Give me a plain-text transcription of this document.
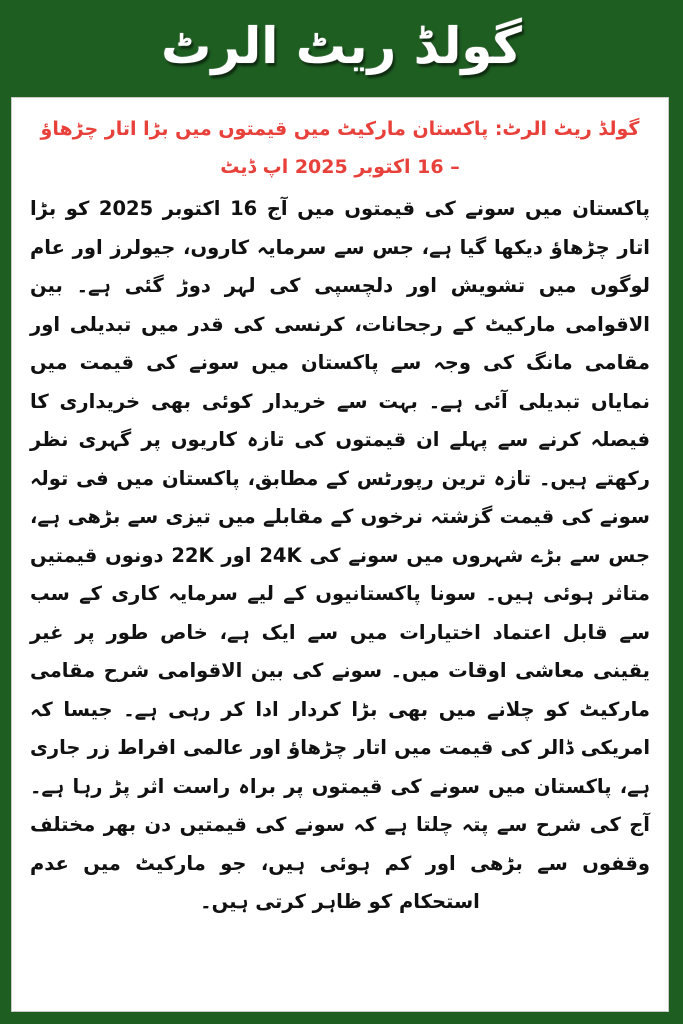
گولڈ ریٹ الرٹ
گولڈ ریٹ الرٹ: پاکستان مارکیٹ میں قیمتوں میں بڑا اتار چڑھاؤ – 16 اکتوبر 2025 اپ ڈیٹ
پاکستان میں سونے کی قیمتوں میں آج 16 اکتوبر 2025 کو بڑا اتار چڑھاؤ دیکھا گیا ہے، جس سے سرمایہ کاروں، جیولرز اور عام لوگوں میں تشویش اور دلچسپی کی لہر دوڑ گئی ہے۔ بین الاقوامی مارکیٹ کے رجحانات، کرنسی کی قدر میں تبدیلی اور مقامی مانگ کی وجہ سے پاکستان میں سونے کی قیمت میں نمایاں تبدیلی آئی ہے۔ بہت سے خریدار کوئی بھی خریداری کا فیصلہ کرنے سے پہلے ان قیمتوں کی تازہ کاریوں پر گہری نظر رکھتے ہیں۔ تازہ ترین رپورٹس کے مطابق، پاکستان میں فی تولہ سونے کی قیمت گزشتہ نرخوں کے مقابلے میں تیزی سے بڑھی ہے، جس سے بڑے شہروں میں سونے کی 24K اور 22K دونوں قیمتیں متاثر ہوئی ہیں۔ سونا پاکستانیوں کے لیے سرمایہ کاری کے سب سے قابل اعتماد اختیارات میں سے ایک ہے، خاص طور پر غیر یقینی معاشی اوقات میں۔ سونے کی بین الاقوامی شرح مقامی مارکیٹ کو چلانے میں بھی بڑا کردار ادا کر رہی ہے۔ جیسا کہ امریکی ڈالر کی قیمت میں اتار چڑھاؤ اور عالمی افراط زر جاری ہے، پاکستان میں سونے کی قیمتوں پر براہ راست اثر پڑ رہا ہے۔ آج کی شرح سے پتہ چلتا ہے کہ سونے کی قیمتیں دن بھر مختلف وقفوں سے بڑھی اور کم ہوئی ہیں، جو مارکیٹ میں عدم استحکام کو ظاہر کرتی ہیں۔
